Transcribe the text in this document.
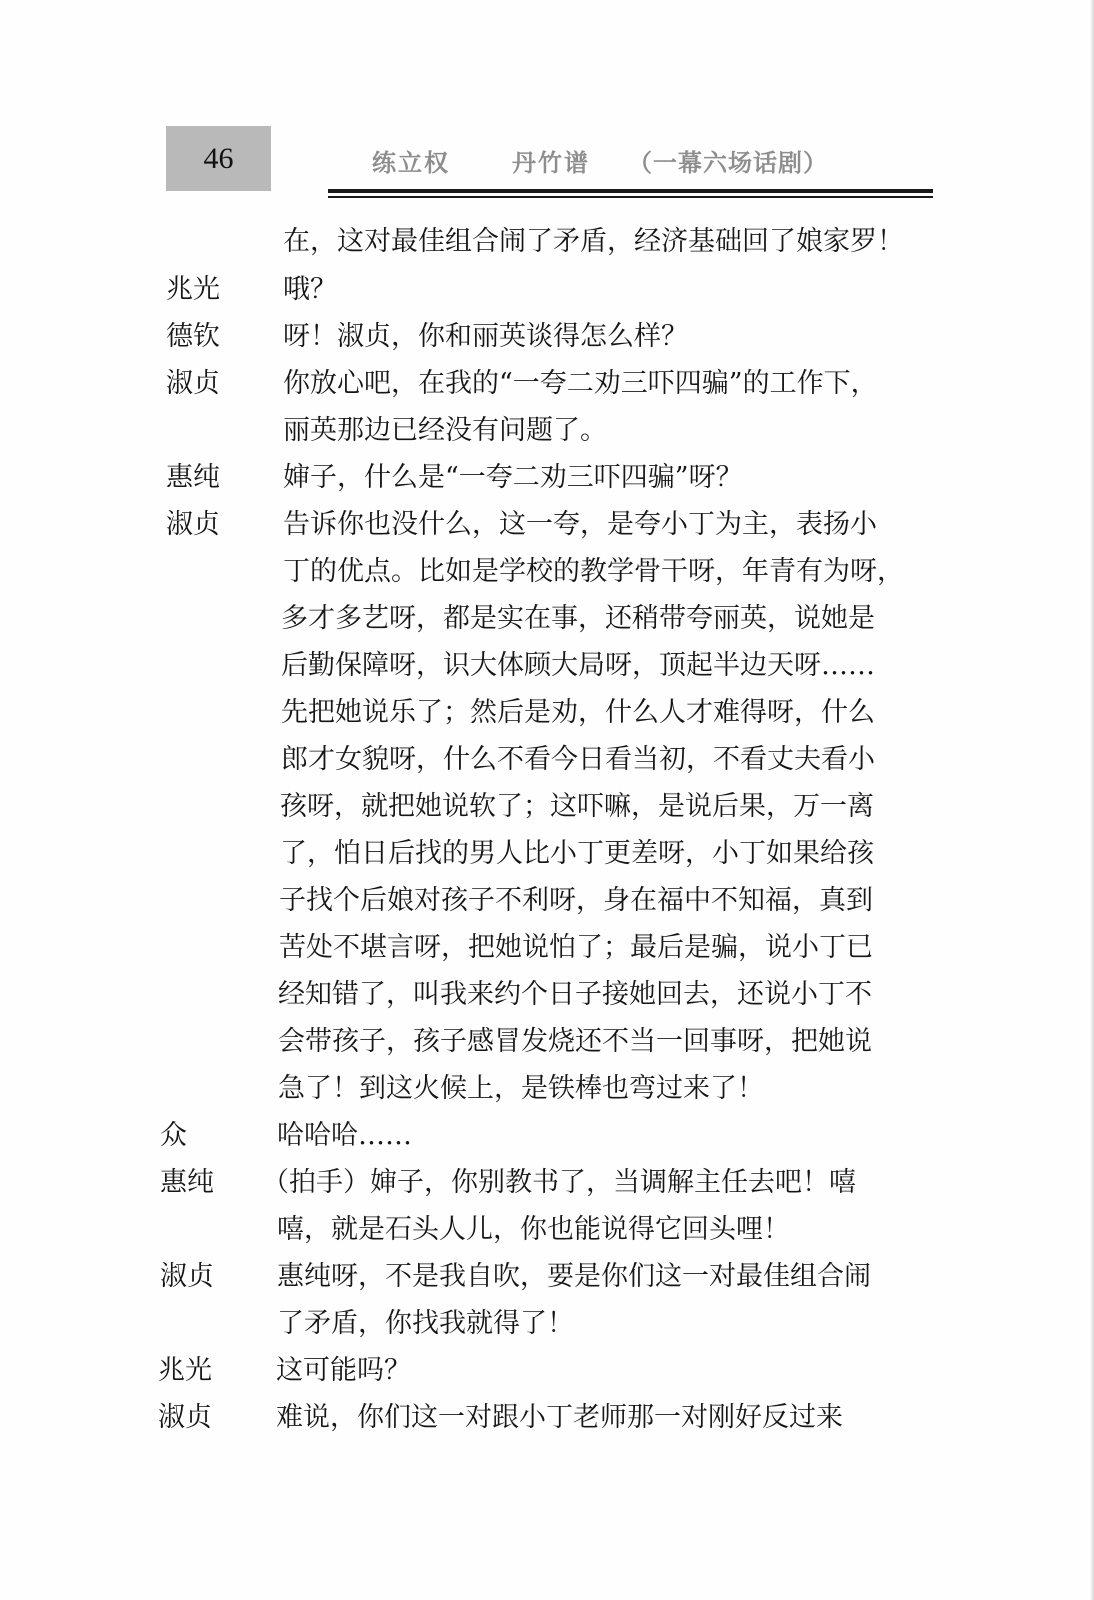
46	练立权	丹竹谱 （一幕六场话剧）
在，这对最佳组合闹了矛盾，经济基础回了娘家罗！
兆光 哦？
德钦 呀！淑贞，你和丽英谈得怎么样？
淑贞 你放心吧，在我的“一夸二劝三吓四骗”的工作下，
丽英那边已经没有问题了。
惠纯 婶子，什么是“一夸二劝三吓四骗”呀？
淑贞 告诉你也没什么，这一夸，是夸小丁为主，表扬小
丁的优点。比如是学校的教学骨干呀，年青有为呀，
多才多艺呀，都是实在事，还稍带夸丽英，说她是
后勤保障呀，识大体顾大局呀，顶起半边天呀……
先把她说乐了；然后是劝，什么人才难得呀，什么
郎才女貌呀，什么不看今日看当初，不看丈夫看小
孩呀，就把她说软了；这吓嘛，是说后果，万一离
了，怕日后找的男人比小丁更差呀，小丁如果给孩
子找个后娘对孩子不利呀，身在福中不知福，真到
苦处不堪言呀，把她说怕了；最后是骗，说小丁已
经知错了，叫我来约个日子接她回去，还说小丁不
会带孩子，孩子感冒发烧还不当一回事呀，把她说
急了！到这火候上，是铁棒也弯过来了！
众	哈哈哈……
惠纯 （拍手）婶子，你别教书了，当调解主任去吧！嘻
嘻，就是石头人儿，你也能说得它回头哩！
淑贞 惠纯呀，不是我自吹，要是你们这一对最佳组合闹
了矛盾，你找我就得了！
兆光 这可能吗？
淑贞 难说，你们这一对跟小丁老师那一对刚好反过来
